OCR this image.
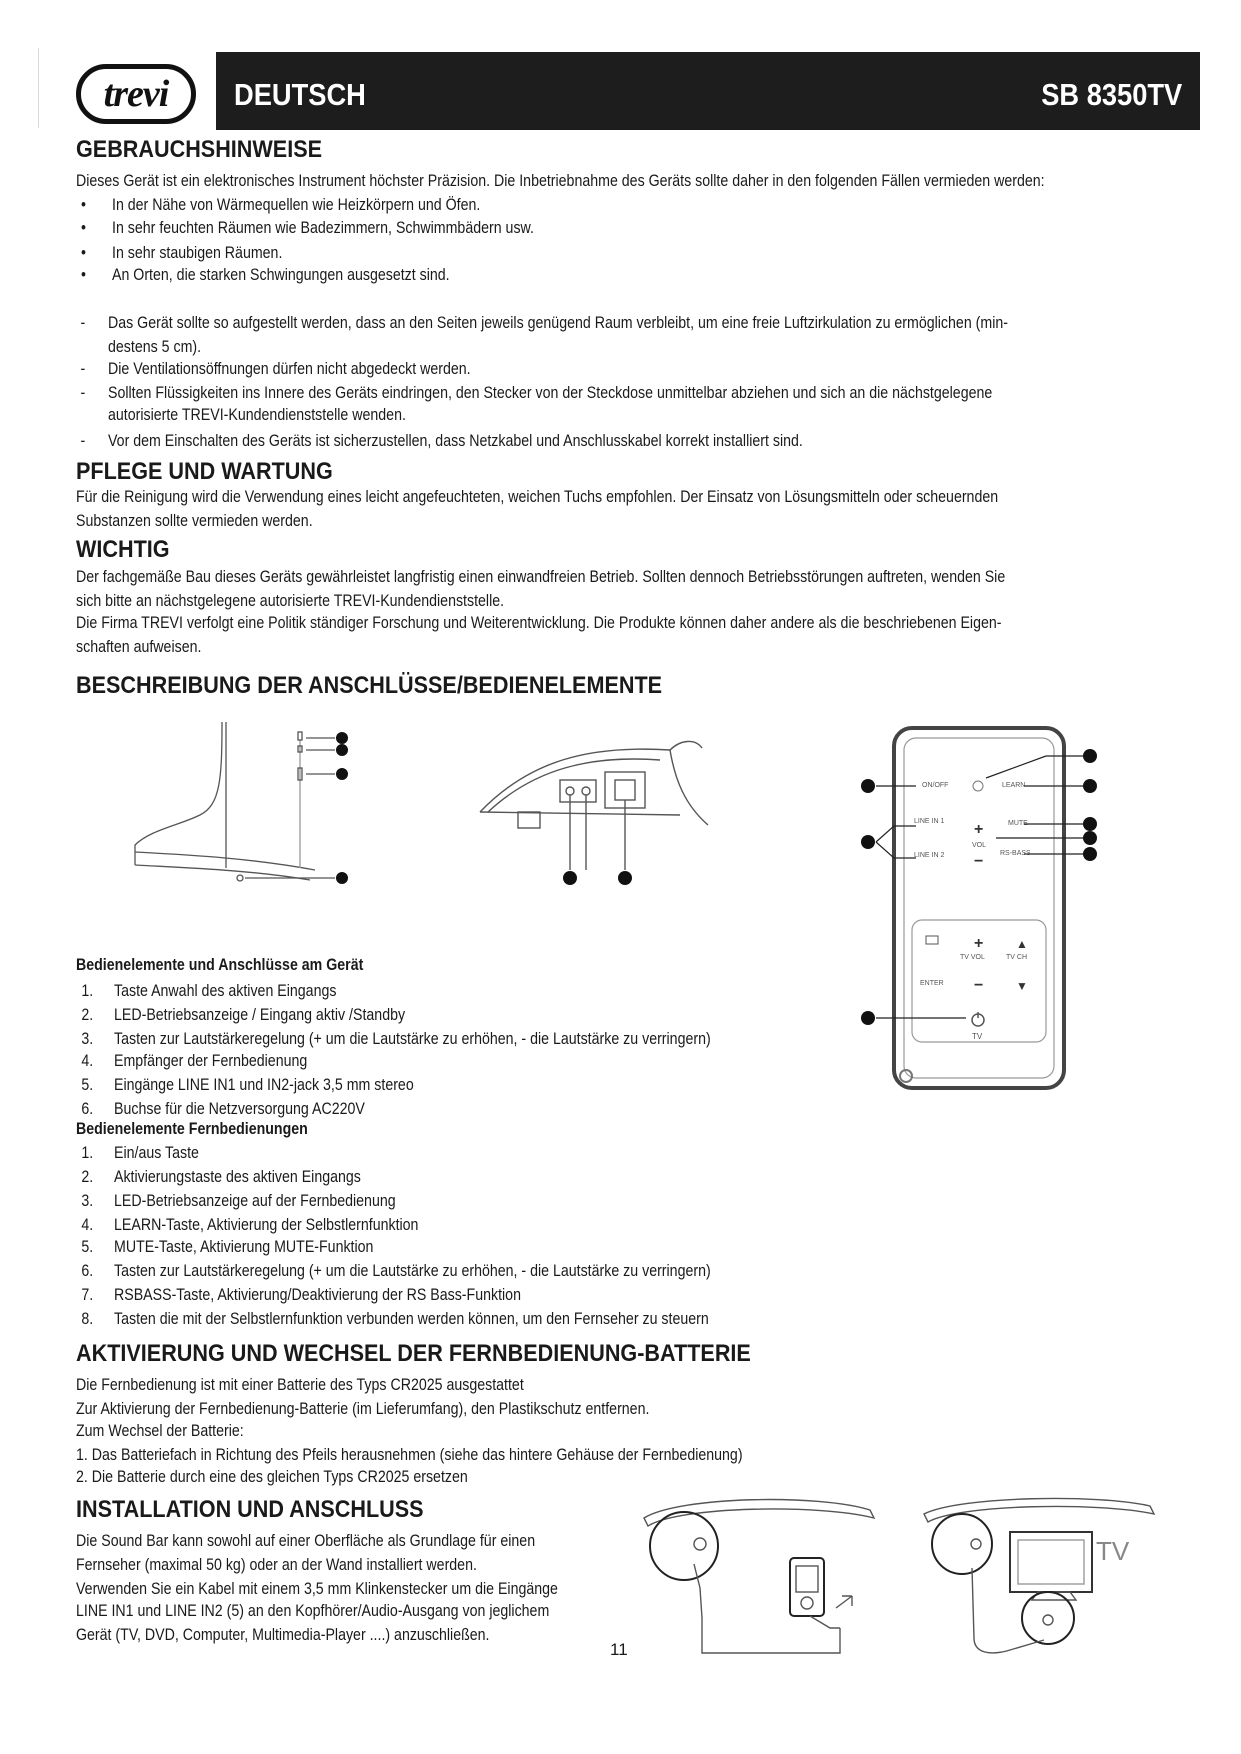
trevi	DEUTSCH	SB 8350TV
GEBRAUCHSHINWEISE
Dieses Gerät ist ein elektronisches Instrument höchster Präzision. Die Inbetriebnahme des Geräts sollte daher in den folgenden Fällen vermieden werden:
• In der Nähe von Wärmequellen wie Heizkörpern und Öfen.
• In sehr feuchten Räumen wie Badezimmern, Schwimmbädern usw.
• In sehr staubigen Räumen.
• An Orten, die starken Schwingungen ausgesetzt sind.
- Das Gerät sollte so aufgestellt werden, dass an den Seiten jeweils genügend Raum verbleibt, um eine freie Luftzirkulation zu ermöglichen (min-
destens 5 cm).
- Die Ventilationsöffnungen dürfen nicht abgedeckt werden.
- Sollten Flüssigkeiten ins Innere des Geräts eindringen, den Stecker von der Steckdose unmittelbar abziehen und sich an die nächstgelegene
autorisierte TREVI-Kundendienststelle wenden.
- Vor dem Einschalten des Geräts ist sicherzustellen, dass Netzkabel und Anschlusskabel korrekt installiert sind.
PFLEGE UND WARTUNG
Für die Reinigung wird die Verwendung eines leicht angefeuchteten, weichen Tuchs empfohlen. Der Einsatz von Lösungsmitteln oder scheuernden
Substanzen sollte vermieden werden.
WICHTIG
Der fachgemäße Bau dieses Geräts gewährleistet langfristig einen einwandfreien Betrieb. Sollten dennoch Betriebsstörungen auftreten, wenden Sie
sich bitte an nächstgelegene autorisierte TREVI-Kundendienststelle.
Die Firma TREVI verfolgt eine Politik ständiger Forschung und Weiterentwicklung. Die Produkte können daher andere als die beschriebenen Eigen-
schaften aufweisen.
BESCHREIBUNG DER ANSCHLÜSSE/BEDIENELEMENTE
+
−
+
−
▲
▼
ON/OFF	LEARN
LINE IN 1
LINE IN 2
VOL
MUTE
RS-BASS
TV VOL	TV CH
ENTER
TV
Bedienelemente und Anschlüsse am Gerät
1. Taste Anwahl des aktiven Eingangs
2. LED-Betriebsanzeige / Eingang aktiv /Standby
3. Tasten zur Lautstärkeregelung (+ um die Lautstärke zu erhöhen, - die Lautstärke zu verringern)
4. Empfänger der Fernbedienung
5. Eingänge LINE IN1 und IN2-jack 3,5 mm stereo
6. Buchse für die Netzversorgung AC220V
Bedienelemente Fernbedienungen
1. Ein/aus Taste
2. Aktivierungstaste des aktiven Eingangs
3. LED-Betriebsanzeige auf der Fernbedienung
4. LEARN-Taste, Aktivierung der Selbstlernfunktion
5. MUTE-Taste, Aktivierung MUTE-Funktion
6. Tasten zur Lautstärkeregelung (+ um die Lautstärke zu erhöhen, - die Lautstärke zu verringern)
7. RSBASS-Taste, Aktivierung/Deaktivierung der RS Bass-Funktion
8. Tasten die mit der Selbstlernfunktion verbunden werden können, um den Fernseher zu steuern
AKTIVIERUNG UND WECHSEL DER FERNBEDIENUNG-BATTERIE
Die Fernbedienung ist mit einer Batterie des Typs CR2025 ausgestattet
Zur Aktivierung der Fernbedienung-Batterie (im Lieferumfang), den Plastikschutz entfernen.
Zum Wechsel der Batterie:
1. Das Batteriefach in Richtung des Pfeils herausnehmen (siehe das hintere Gehäuse der Fernbedienung)
2. Die Batterie durch eine des gleichen Typs CR2025 ersetzen
INSTALLATION UND ANSCHLUSS
Die Sound Bar kann sowohl auf einer Oberfläche als Grundlage für einen
Fernseher (maximal 50 kg) oder an der Wand installiert werden.
Verwenden Sie ein Kabel mit einem 3,5 mm Klinkenstecker um die Eingänge
LINE IN1 und LINE IN2 (5) an den Kopfhörer/Audio-Ausgang von jeglichem
Gerät (TV, DVD, Computer, Multimedia-Player ....) anzuschließen.
TV
11
